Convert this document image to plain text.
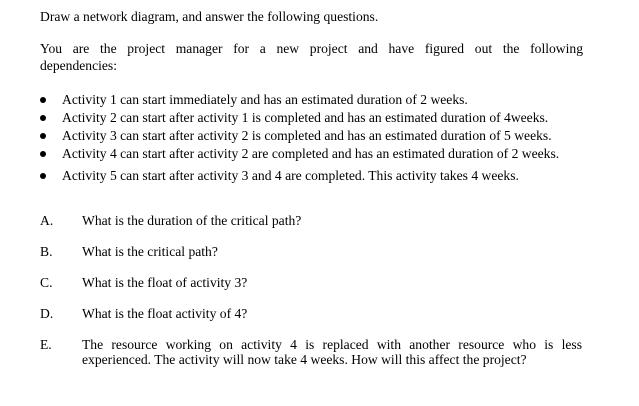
Draw a network diagram, and answer the following questions.
You are the project manager for a new project and have figured out the following dependencies:
Activity 1 can start immediately and has an estimated duration of 2 weeks.
Activity 2 can start after activity 1 is completed and has an estimated duration of 4weeks.
Activity 3 can start after activity 2 is completed and has an estimated duration of 5 weeks.
Activity 4 can start after activity 2 are completed and has an estimated duration of 2 weeks.
Activity 5 can start after activity 3 and 4 are completed. This activity takes 4 weeks.
A. What is the duration of the critical path?
B. What is the critical path?
C. What is the float of activity 3?
D. What is the float activity of 4?
E. The resource working on activity 4 is replaced with another resource who is less experienced. The activity will now take 4 weeks. How will this affect the project?
